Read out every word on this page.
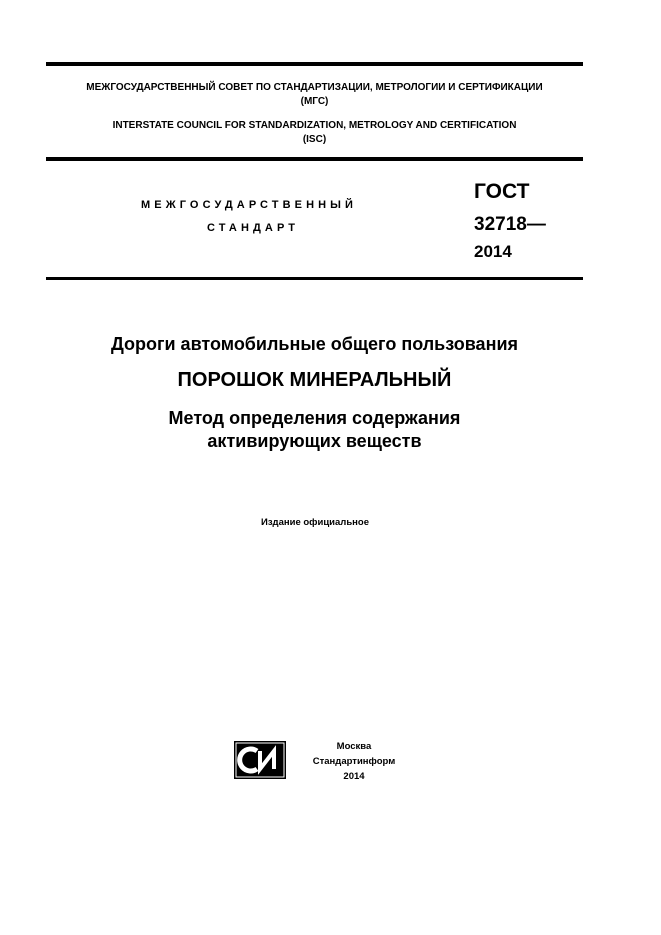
МЕЖГОСУДАРСТВЕННЫЙ СОВЕТ ПО СТАНДАРТИЗАЦИИ, МЕТРОЛОГИИ И СЕРТИФИКАЦИИ
(МГС)
INTERSTATE COUNCIL FOR STANDARDIZATION, METROLOGY AND CERTIFICATION
(ISC)
МЕЖГОСУДАРСТВЕННЫЙ
СТАНДАРТ
ГОСТ
32718—
2014
Дороги автомобильные общего пользования
ПОРОШОК МИНЕРАЛЬНЫЙ
Метод определения содержания
активирующих веществ
Издание официальное
Москва
Стандартинформ
2014
